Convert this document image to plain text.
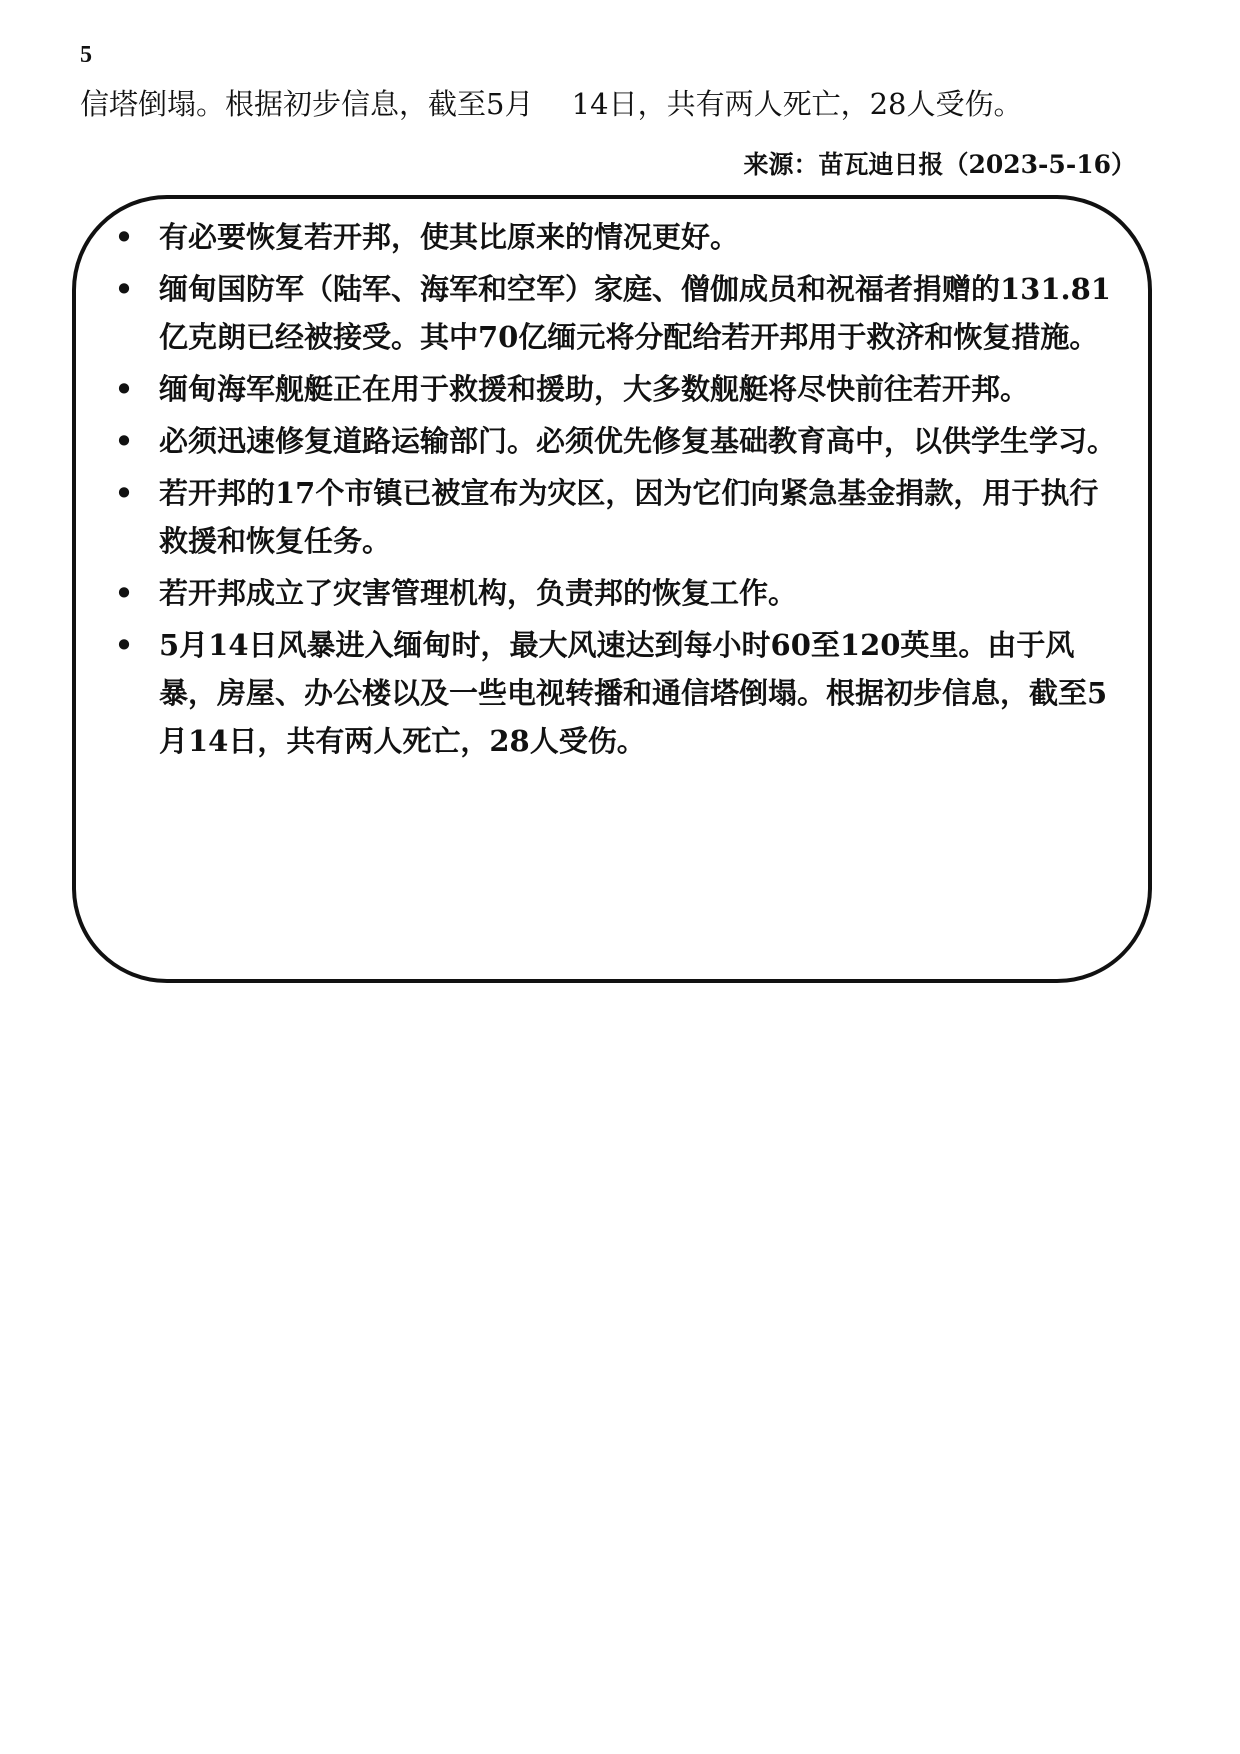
5
信塔倒塌。根据初步信息，截至5月　 14日，共有两人死亡，28人受伤。
来源：苗瓦迪日报（2023-5-16）
• 有必要恢复若开邦，使其比原来的情况更好。
• 缅甸国防军（陆军、海军和空军）家庭、僧伽成员和祝福者捐赠的131.81亿克朗已经被接受。其中70亿缅元将分配给若开邦用于救济和恢复措施。
• 缅甸海军舰艇正在用于救援和援助，大多数舰艇将尽快前往若开邦。
• 必须迅速修复道路运输部门。必须优先修复基础教育高中，以供学生学习。
• 若开邦的17个市镇已被宣布为灾区，因为它们向紧急基金捐款，用于执行救援和恢复任务。
• 若开邦成立了灾害管理机构，负责邦的恢复工作。
• 5月14日风暴进入缅甸时，最大风速达到每小时60至120英里。由于风暴，房屋、办公楼以及一些电视转播和通信塔倒塌。根据初步信息，截至5月14日，共有两人死亡，28人受伤。
